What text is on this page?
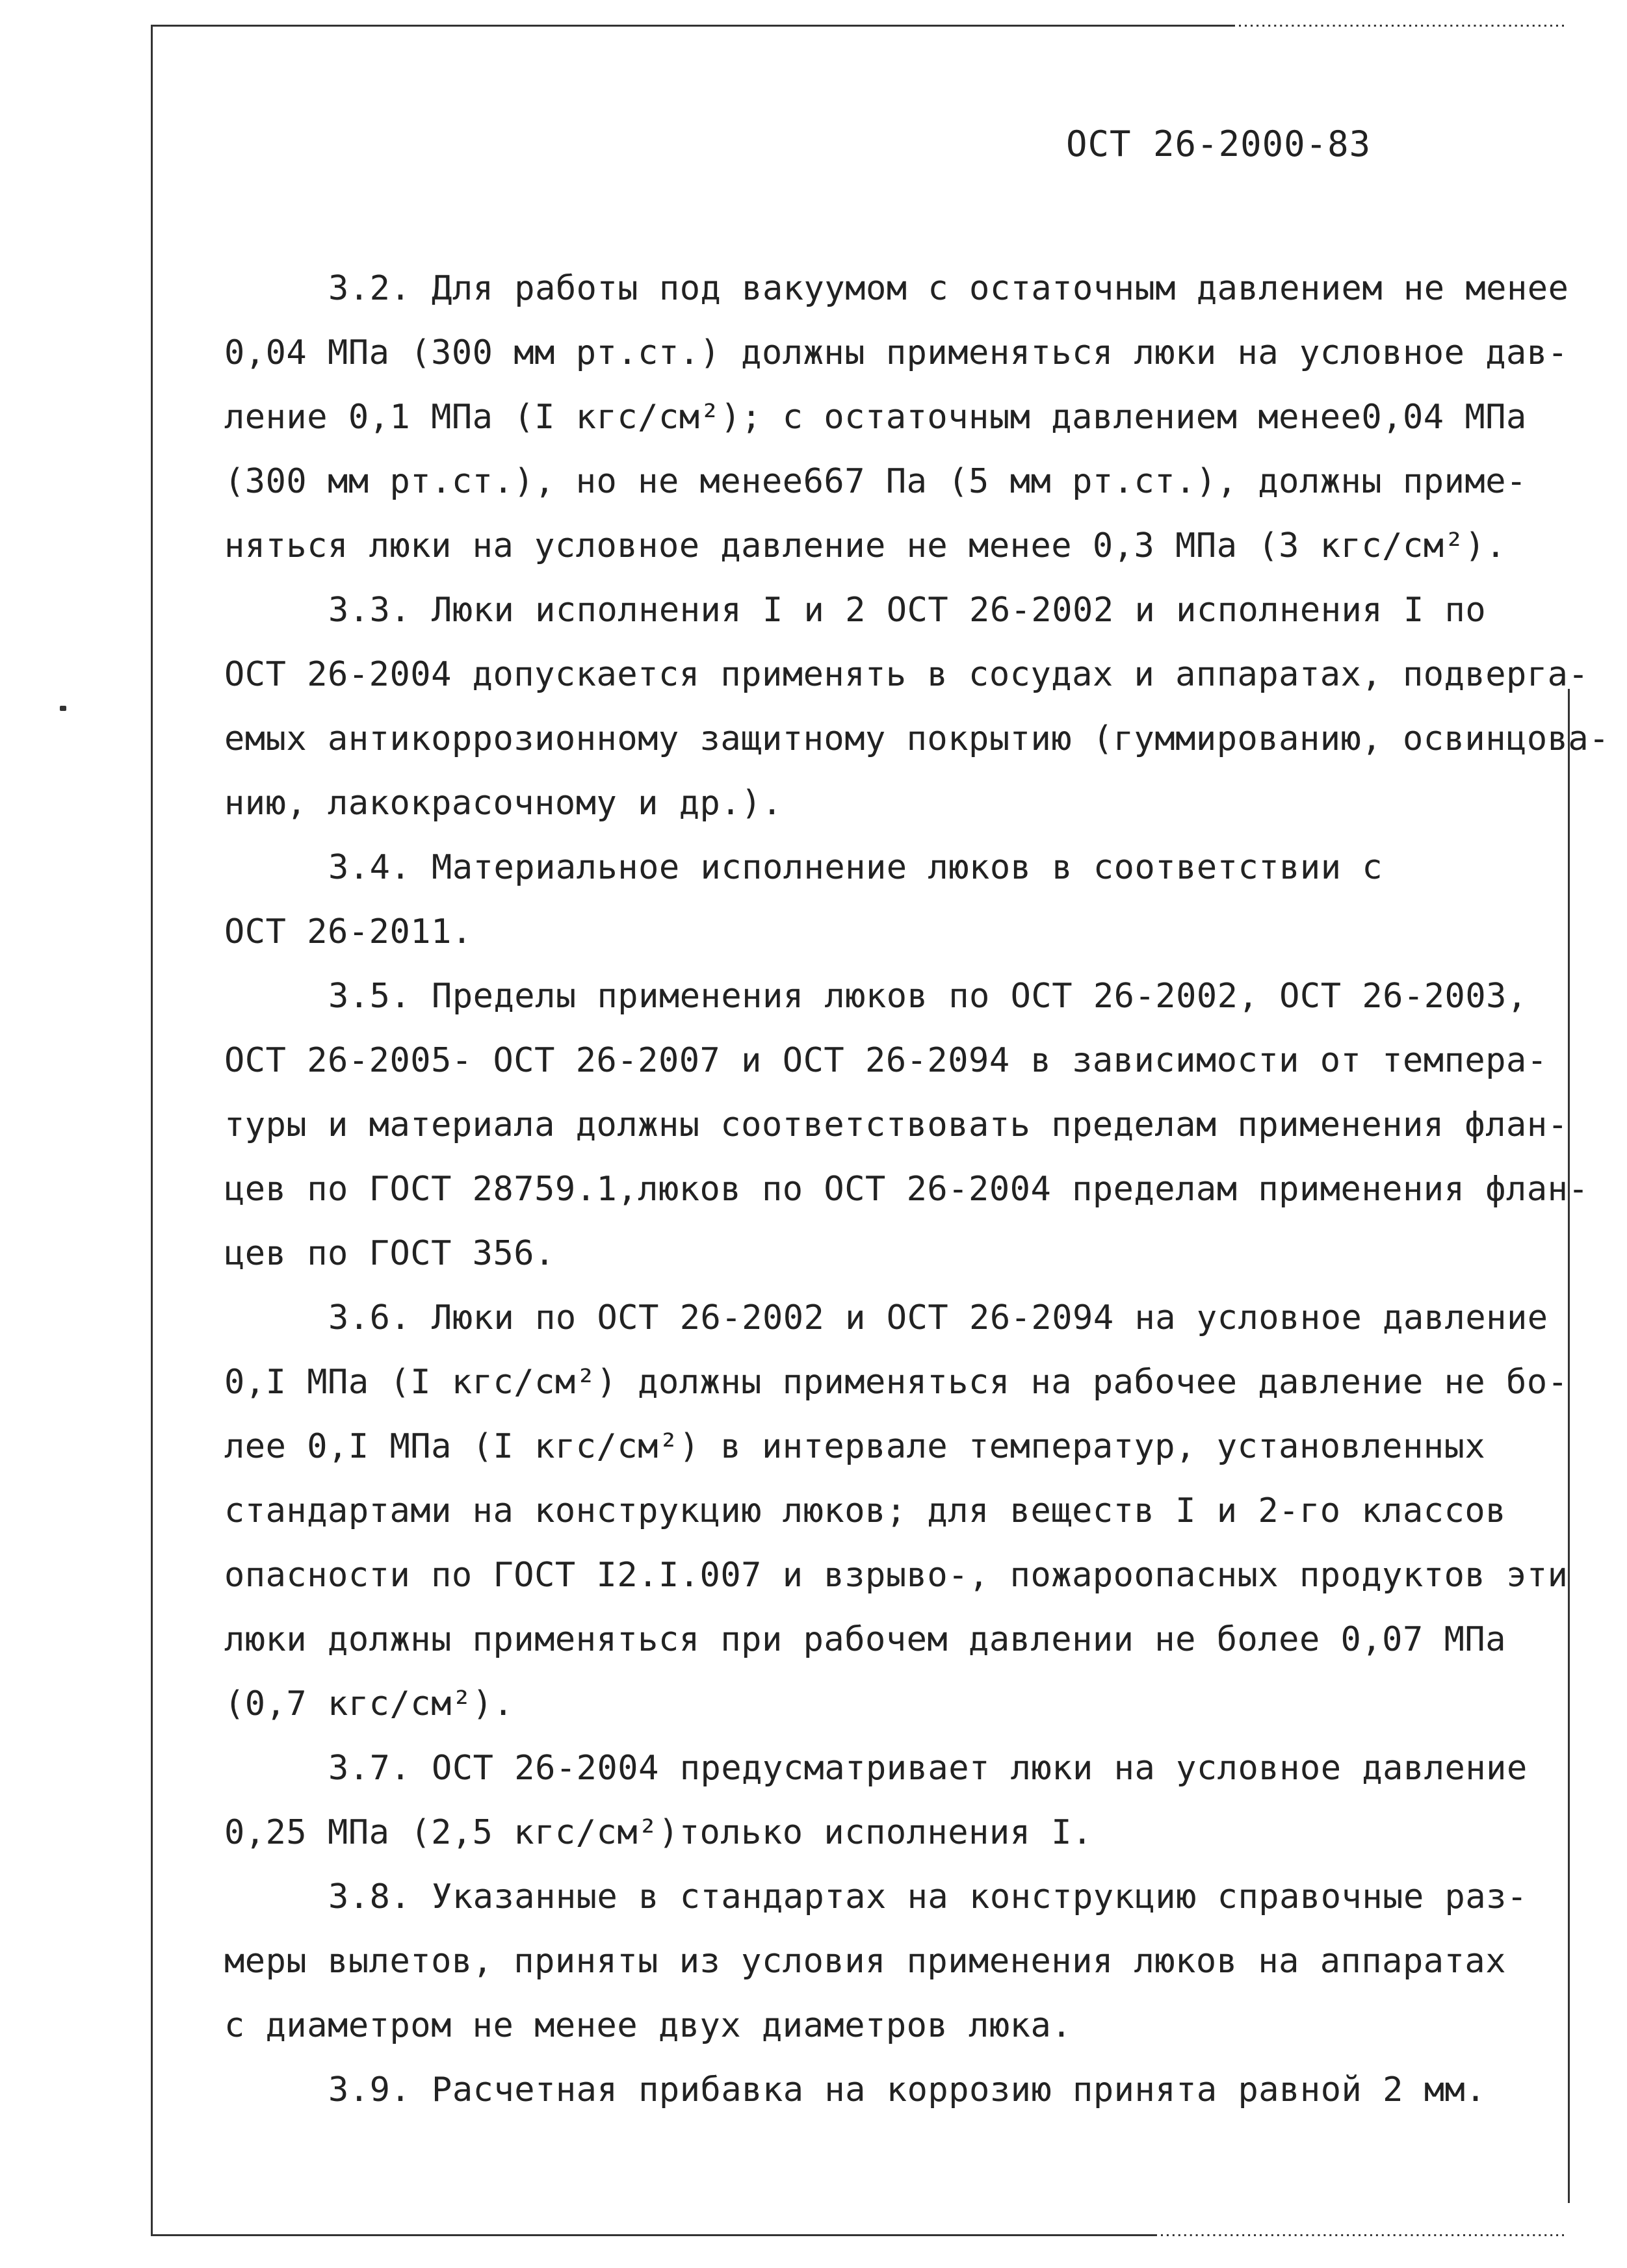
ОСТ 26-2000-83
3.2. Для работы под вакуумом с остаточным давлением не менее
0,04 МПа (300 мм рт.ст.) должны применяться люки на условное дав-
ление 0,1 МПа (I кгс/см²); с остаточным давлением менее0,04 МПа
(300 мм рт.ст.), но не менее667 Па (5 мм рт.ст.), должны приме-
няться люки на условное давление не менее 0,3 МПа (3 кгс/см²).
3.3. Люки исполнения I и 2 ОСТ 26-2002 и исполнения I по
ОСТ 26-2004 допускается применять в сосудах и аппаратах, подверга-
емых антикоррозионному защитному покрытию (гуммированию, освинцова-
нию, лакокрасочному и др.).
3.4. Материальное исполнение люков в соответствии с
ОСТ 26-2011.
3.5. Пределы применения люков по ОСТ 26-2002, ОСТ 26-2003,
ОСТ 26-2005- ОСТ 26-2007 и ОСТ 26-2094 в зависимости от темпера-
туры и материала должны соответствовать пределам применения флан-
цев по ГОСТ 28759.1,люков по ОСТ 26-2004 пределам применения флан-
цев по ГОСТ 356.
3.6. Люки по ОСТ 26-2002 и ОСТ 26-2094 на условное давление
0,I МПа (I кгс/см²) должны применяться на рабочее давление не бо-
лее 0,I МПа (I кгс/см²) в интервале температур, установленных
стандартами на конструкцию люков; для веществ I и 2-го классов
опасности по ГОСТ I2.I.007 и взрыво-, пожароопасных продуктов эти
люки должны применяться при рабочем давлении не более 0,07 МПа
(0,7 кгс/см²).
3.7. ОСТ 26-2004 предусматривает люки на условное давление
0,25 МПа (2,5 кгс/см²)только исполнения I.
3.8. Указанные в стандартах на конструкцию справочные раз-
меры вылетов, приняты из условия применения люков на аппаратах
с диаметром не менее двух диаметров люка.
3.9. Расчетная прибавка на коррозию принята равной 2 мм.
